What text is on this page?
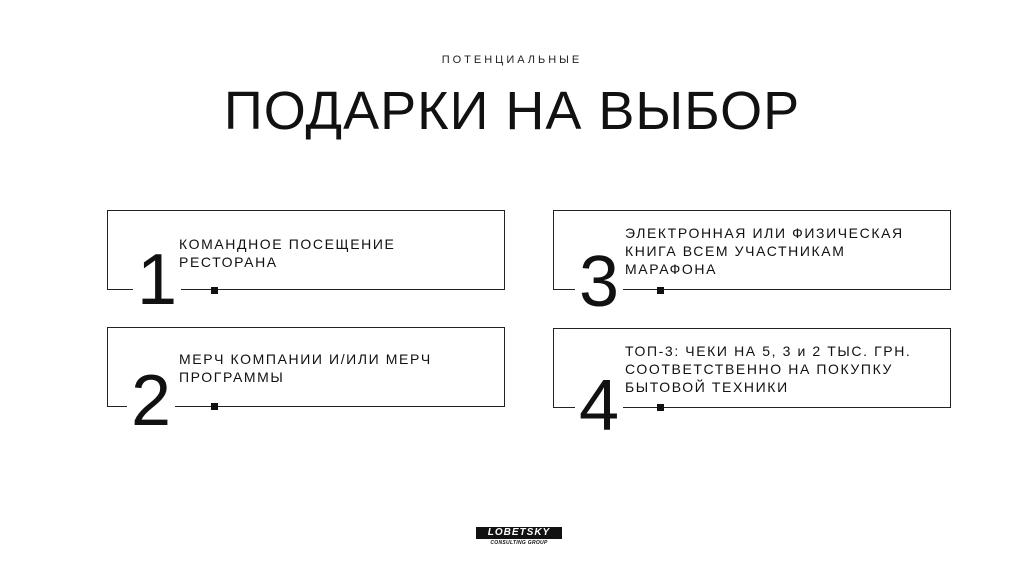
ПОТЕНЦИАЛЬНЫЕ
ПОДАРКИ НА ВЫБОР
1 КОМАНДНОЕ ПОСЕЩЕНИЕ РЕСТОРАНА
2
МЕРЧ КОМПАНИИ И/ИЛИ МЕРЧ ПРОГРАММЫ
3
ЭЛЕКТРОННАЯ ИЛИ ФИЗИЧЕСКАЯ КНИГА ВСЕМ УЧАСТНИКАМ МАРАФОНА
4
ТОП-3: ЧЕКИ НА 5, 3 и 2 ТЫС. ГРН. СООТВЕТСТВЕННО НА ПОКУПКУ БЫТОВОЙ ТЕХНИКИ
LOBETSKY
CONSULTING GROUP
